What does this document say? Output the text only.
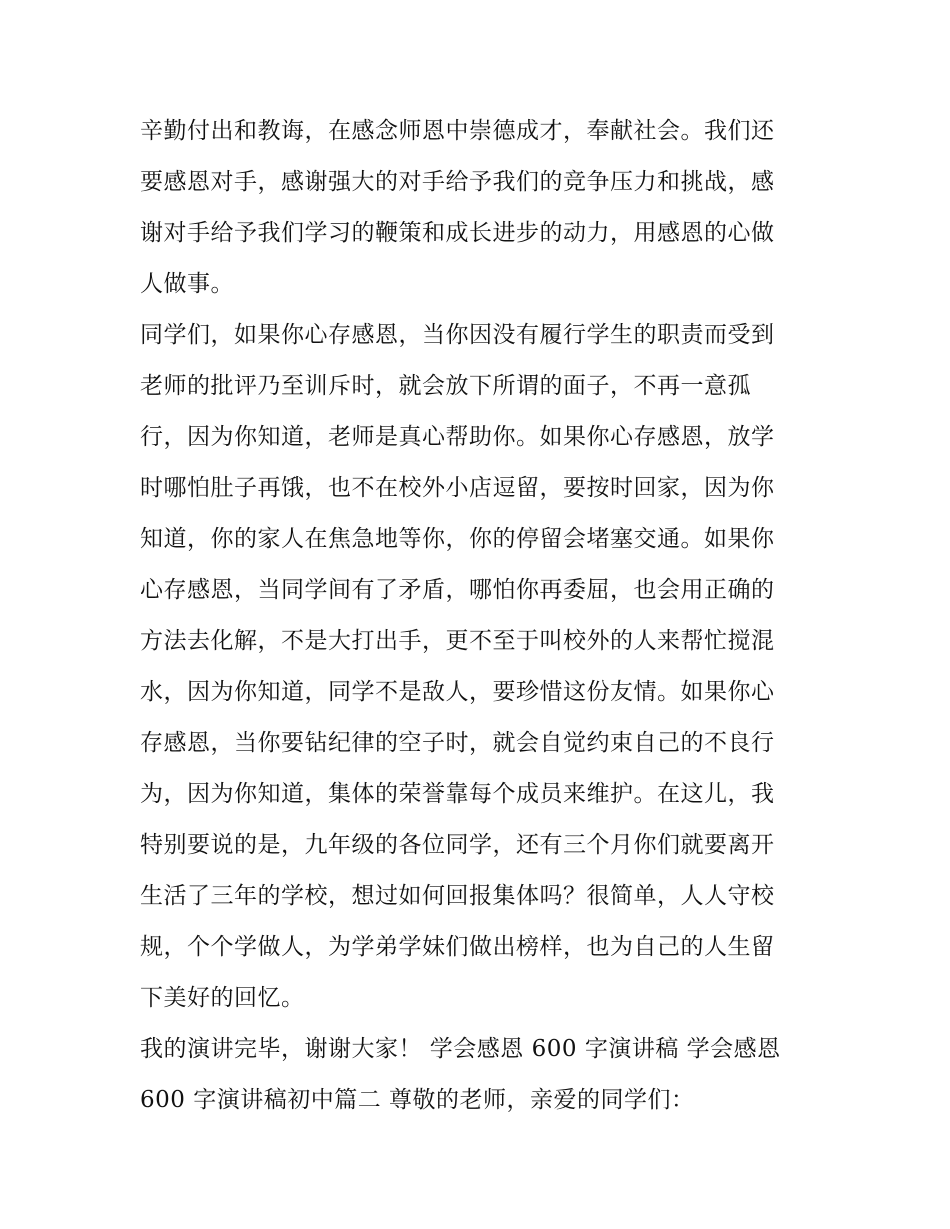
辛勤付出和教诲，在感念师恩中崇德成才，奉献社会。我们还
要感恩对手，感谢强大的对手给予我们的竞争压力和挑战，感
谢对手给予我们学习的鞭策和成长进步的动力，用感恩的心做
人做事。
同学们，如果你心存感恩，当你因没有履行学生的职责而受到
老师的批评乃至训斥时，就会放下所谓的面子，不再一意孤
行，因为你知道，老师是真心帮助你。如果你心存感恩，放学
时哪怕肚子再饿，也不在校外小店逗留，要按时回家，因为你
知道，你的家人在焦急地等你，你的停留会堵塞交通。如果你
心存感恩，当同学间有了矛盾，哪怕你再委屈，也会用正确的
方法去化解，不是大打出手，更不至于叫校外的人来帮忙搅混
水，因为你知道，同学不是敌人，要珍惜这份友情。如果你心
存感恩，当你要钻纪律的空子时，就会自觉约束自己的不良行
为，因为你知道，集体的荣誉靠每个成员来维护。在这儿，我
特别要说的是，九年级的各位同学，还有三个月你们就要离开
生活了三年的学校，想过如何回报集体吗？很简单，人人守校
规，个个学做人，为学弟学妹们做出榜样，也为自己的人生留
下美好的回忆。
我的演讲完毕，谢谢大家！ 学会感恩 600 字演讲稿 学会感恩
600 字演讲稿初中篇二 尊敬的老师，亲爱的同学们：
